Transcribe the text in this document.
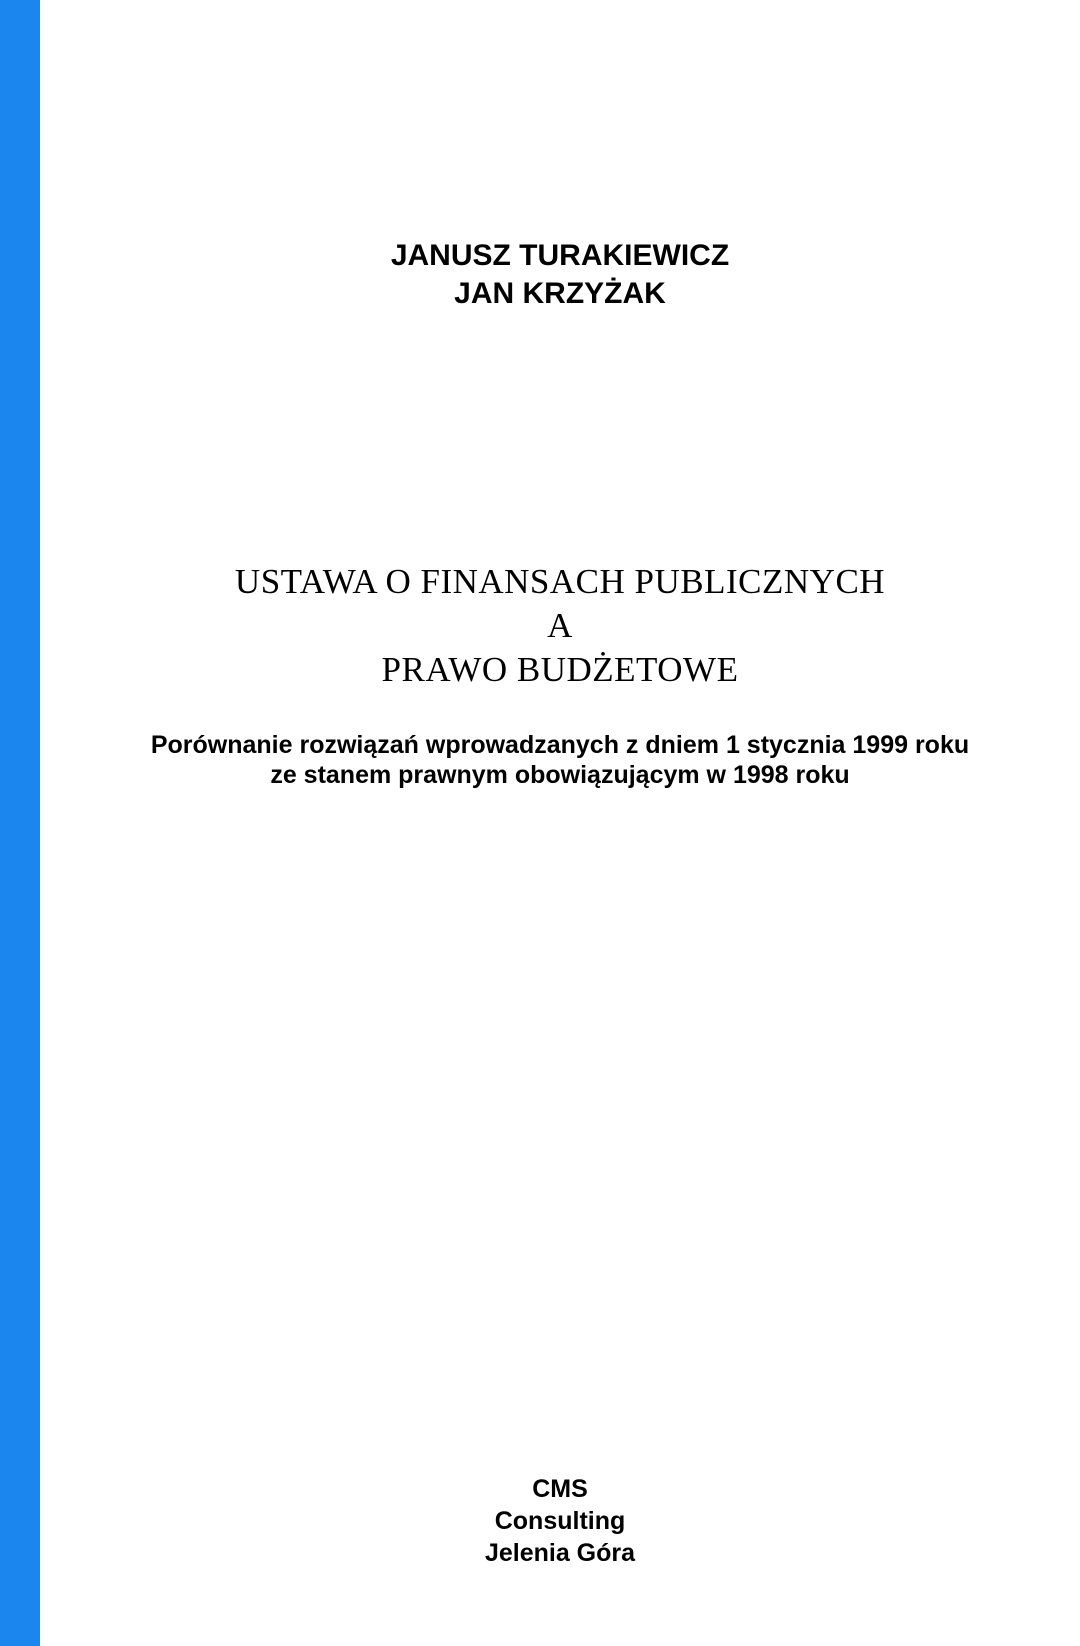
JANUSZ TURAKIEWICZ
JAN KRZYŻAK
USTAWA O FINANSACH PUBLICZNYCH
A
PRAWO BUDŻETOWE
Porównanie rozwiązań wprowadzanych z dniem 1 stycznia 1999 roku
ze stanem prawnym obowiązującym w 1998 roku
CMS
Consulting
Jelenia Góra
